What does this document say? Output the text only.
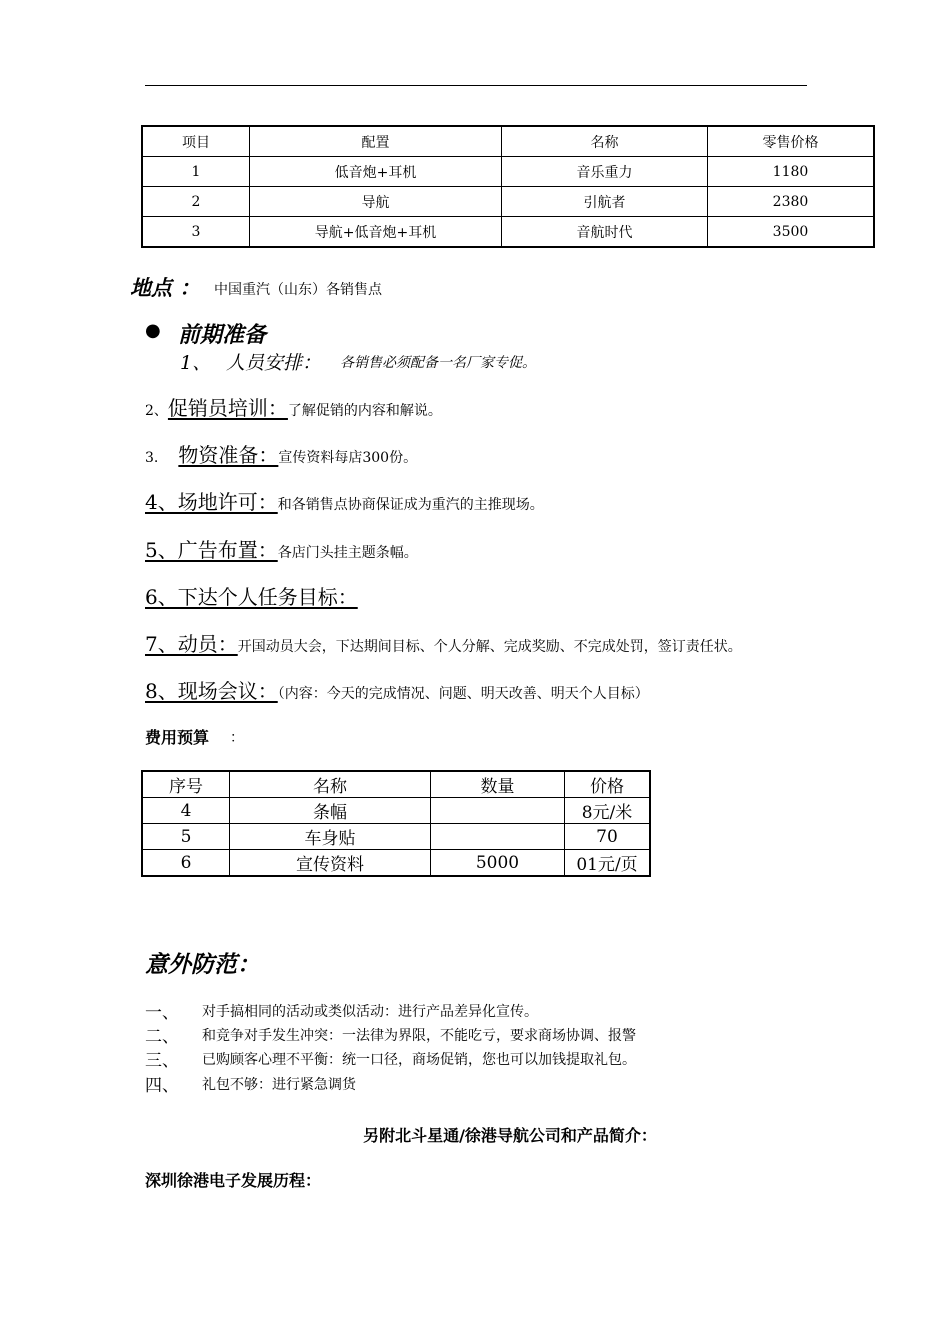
项目	配置	名称	零售价格
1	低音炮+耳机	音乐重力	1180
2	导航	引航者	2380
3	导航+低音炮+耳机	音航时代	3500
地点 ： 中国重汽（山东）各销售点
● 前期准备
1、 人员安排： 各销售必须配备一名厂家专促。
2、促销员培训：了解促销的内容和解说。
3. 物资准备：宣传资料每店300份。
4、场地许可：和各销售点协商保证成为重汽的主推现场。
5、广告布置：各店门头挂主题条幅。
6、下达个人任务目标：
7、动员：开国动员大会，下达期间目标、个人分解、完成奖励、不完成处罚，签订责任状。
8、现场会议：（内容：今天的完成情况、问题、明天改善、明天个人目标）
费用预算 ：
序号	名称	数量	价格
4	条幅		8元/米
5	车身贴		70
6	宣传资料	5000	01元/页
意外防范：
一、 对手搞相同的活动或类似活动：进行产品差异化宣传。
二、 和竞争对手发生冲突：一法律为界限，不能吃亏，要求商场协调、报警
三、 已购顾客心理不平衡：统一口径，商场促销，您也可以加钱提取礼包。
四、 礼包不够：进行紧急调货
另附北斗星通/徐港导航公司和产品简介：
深圳徐港电子发展历程：
